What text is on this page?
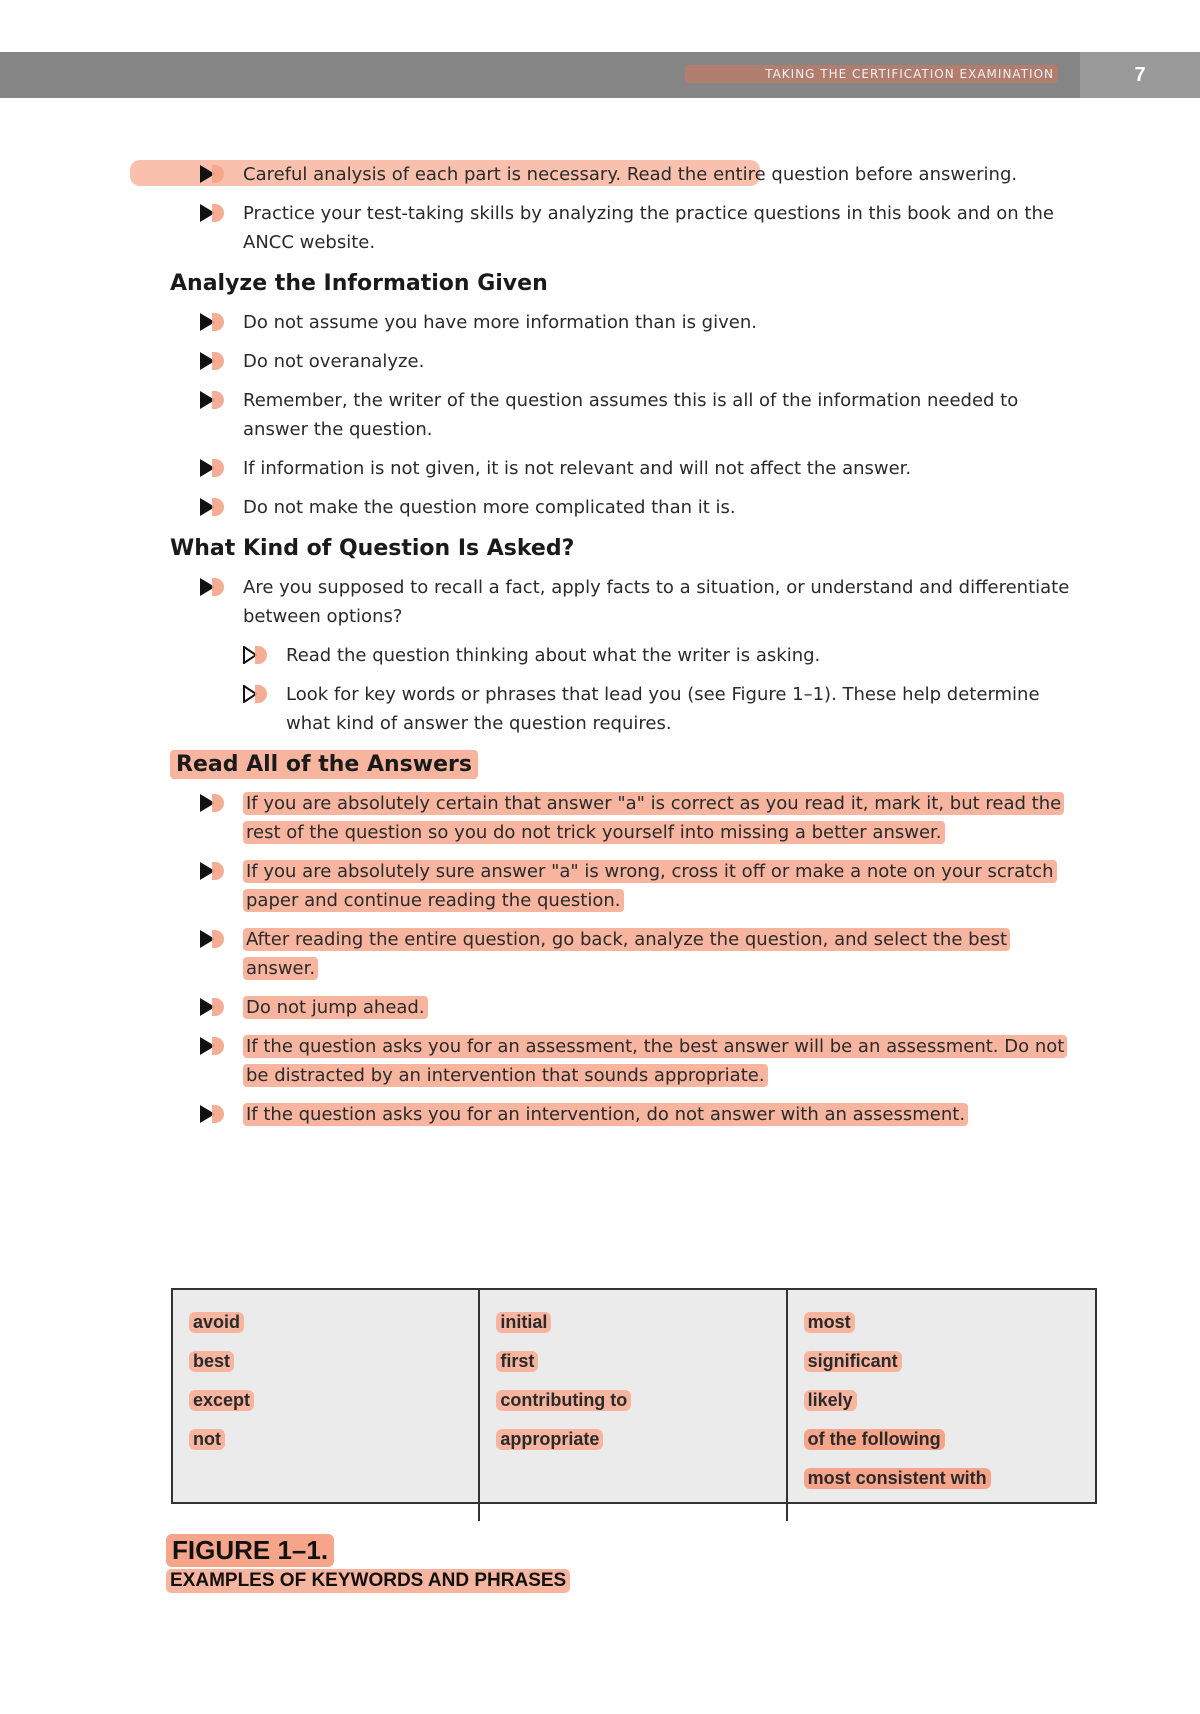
TAKING THE CERTIFICATION EXAMINATION	7
Careful analysis of each part is necessary. Read the entire question before answering.
Practice your test-taking skills by analyzing the practice questions in this book and on the ANCC website.
Analyze the Information Given
Do not assume you have more information than is given.
Do not overanalyze.
Remember, the writer of the question assumes this is all of the information needed to answer the question.
If information is not given, it is not relevant and will not affect the answer.
Do not make the question more complicated than it is.
What Kind of Question Is Asked?
Are you supposed to recall a fact, apply facts to a situation, or understand and differentiate between options?
Read the question thinking about what the writer is asking.
Look for key words or phrases that lead you (see Figure 1–1). These help determine what kind of answer the question requires.
Read All of the Answers
If you are absolutely certain that answer "a" is correct as you read it, mark it, but read the rest of the question so you do not trick yourself into missing a better answer.
If you are absolutely sure answer "a" is wrong, cross it off or make a note on your scratch paper and continue reading the question.
After reading the entire question, go back, analyze the question, and select the best answer.
Do not jump ahead.
If the question asks you for an assessment, the best answer will be an assessment. Do not be distracted by an intervention that sounds appropriate.
If the question asks you for an intervention, do not answer with an assessment.
avoid
best
except
not
initial
first
contributing to
appropriate
most
significant
likely
of the following
most consistent with
FIGURE 1–1.
EXAMPLES OF KEYWORDS AND PHRASES
